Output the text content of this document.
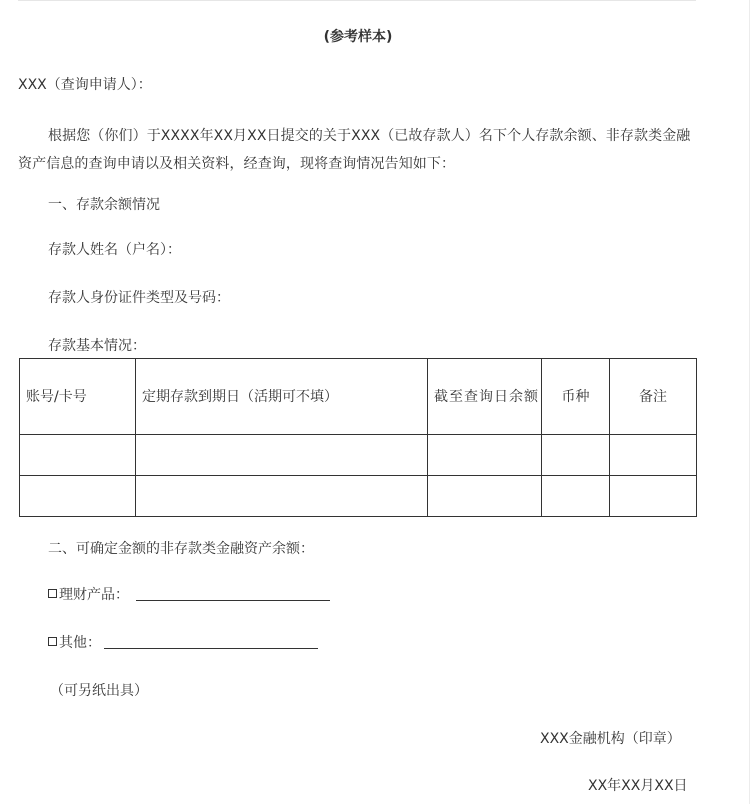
(参考样本)
XXX（查询申请人）：
根据您（你们）于XXXX年XX月XX日提交的关于XXX（已故存款人）名下个人存款余额、非存款类金融资产信息的查询申请以及相关资料，经查询，现将查询情况告知如下：
一、存款余额情况
存款人姓名（户名）：
存款人身份证件类型及号码：
存款基本情况：
账号/卡号	定期存款到期日（活期可不填）	截至查询日余额	币种	备注

二、可确定金额的非存款类金融资产余额：
理财产品：
其他：
（可另纸出具）
XXX金融机构（印章）
XX年XX月XX日
